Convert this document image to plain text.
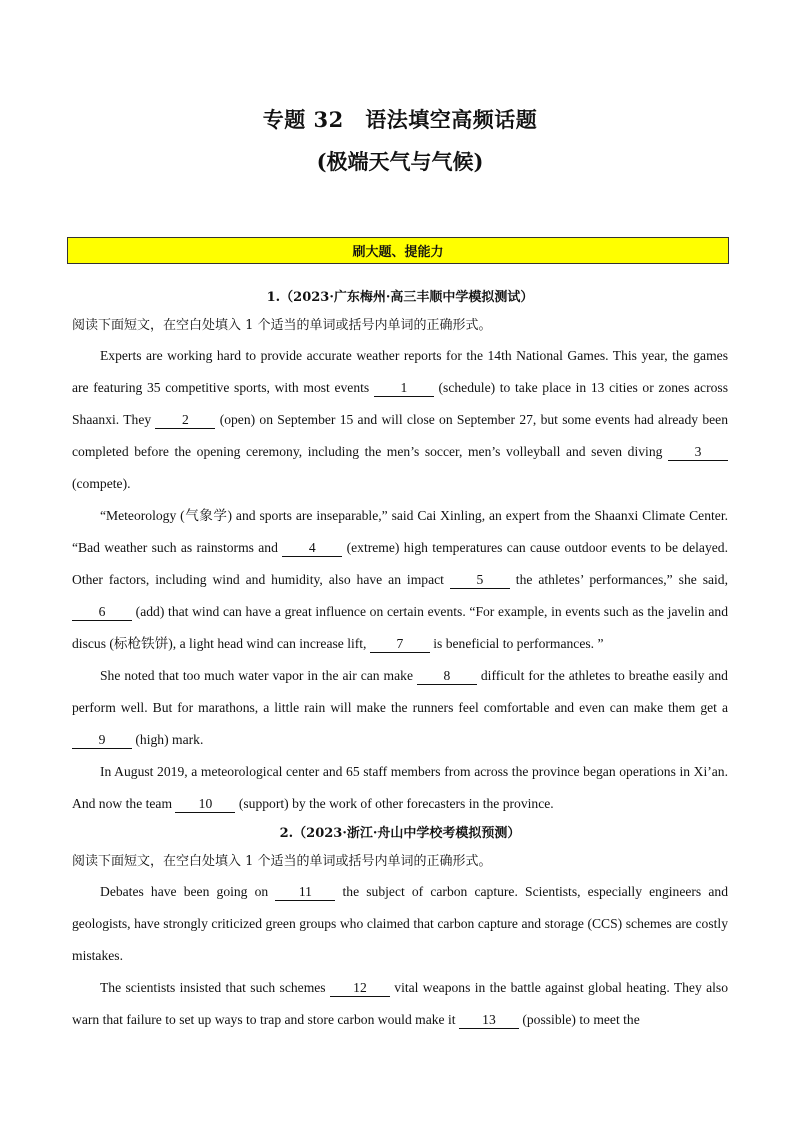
专题 32　语法填空高频话题
(极端天气与气候)
刷大题、提能力
1.（2023·广东梅州·高三丰顺中学模拟测试）
阅读下面短文，在空白处填入 1 个适当的单词或括号内单词的正确形式。

Experts are working hard to provide accurate weather reports for the 14th National Games. This year, the games are featuring 35 competitive sports, with most events 1 (schedule) to take place in 13 cities or zones across Shaanxi. They 2 (open) on September 15 and will close on September 27, but some events had already been completed before the opening ceremony, including the men’s soccer, men’s volleyball and seven diving 3 (compete).

“Meteorology (气象学) and sports are inseparable,” said Cai Xinling, an expert from the Shaanxi Climate Center. “Bad weather such as rainstorms and 4 (extreme) high temperatures can cause outdoor events to be delayed. Other factors, including wind and humidity, also have an impact 5 the athletes’ performances,” she said, 6 (add) that wind can have a great influence on certain events. “For example, in events such as the javelin and discus (标枪铁饼), a light head wind can increase lift, 7 is beneficial to performances. ”

She noted that too much water vapor in the air can make 8 difficult for the athletes to breathe easily and perform well. But for marathons, a little rain will make the runners feel comfortable and even can make them get a 9 (high) mark.

In August 2019, a meteorological center and 65 staff members from across the province began operations in Xi’an. And now the team 10 (support) by the work of other forecasters in the province.

2.（2023·浙江·舟山中学校考模拟预测）
阅读下面短文，在空白处填入 1 个适当的单词或括号内单词的正确形式。

Debates have been going on 11 the subject of carbon capture. Scientists, especially engineers and geologists, have strongly criticized green groups who claimed that carbon capture and storage (CCS) schemes are costly mistakes.

The scientists insisted that such schemes 12 vital weapons in the battle against global heating. They also warn that failure to set up ways to trap and store carbon would make it 13 (possible) to meet the
